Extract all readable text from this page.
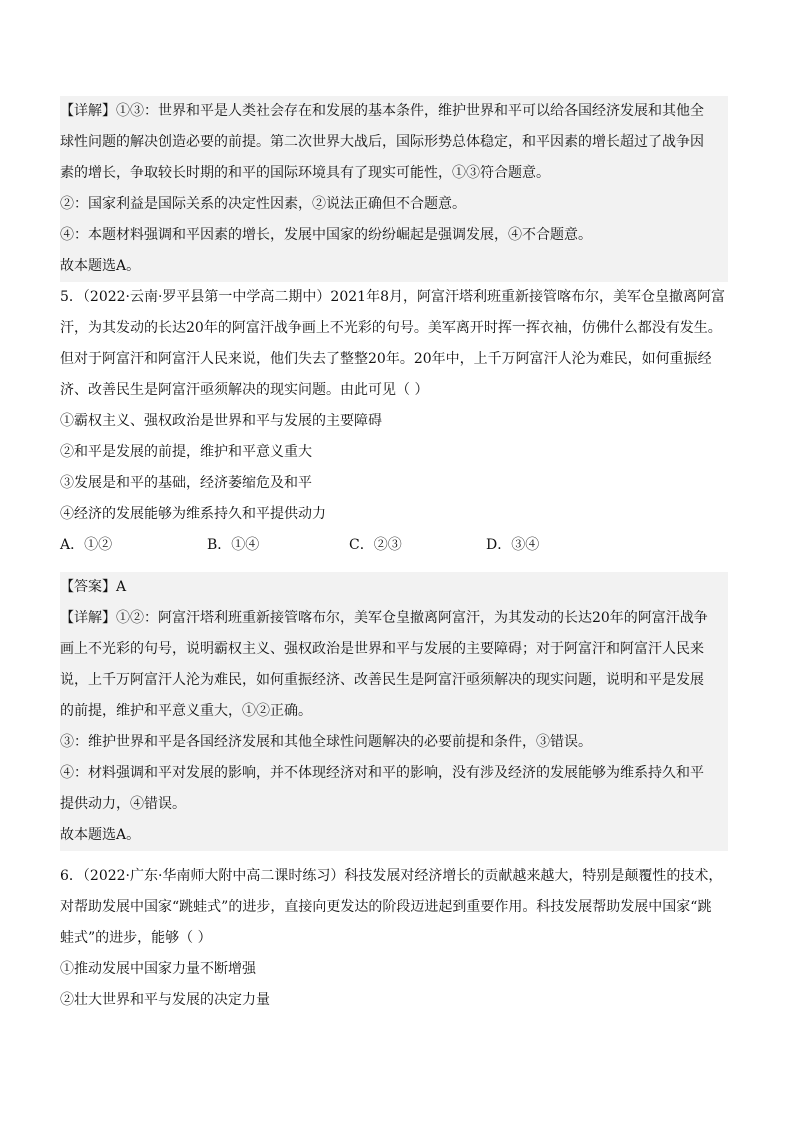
【详解】①③：世界和平是人类社会存在和发展的基本条件，维护世界和平可以给各国经济发展和其他全
球性问题的解决创造必要的前提。第二次世界大战后，国际形势总体稳定，和平因素的增长超过了战争因
素的增长，争取较长时期的和平的国际环境具有了现实可能性，①③符合题意。
②：国家利益是国际关系的决定性因素，②说法正确但不合题意。
④：本题材料强调和平因素的增长，发展中国家的纷纷崛起是强调发展，④不合题意。
故本题选A。
5．（2022·云南·罗平县第一中学高二期中）2021年8月，阿富汗塔利班重新接管喀布尔，美军仓皇撤离阿富
汗，为其发动的长达20年的阿富汗战争画上不光彩的句号。美军离开时挥一挥衣袖，仿佛什么都没有发生。
但对于阿富汗和阿富汗人民来说，他们失去了整整20年。20年中，上千万阿富汗人沦为难民，如何重振经
济、改善民生是阿富汗亟须解决的现实问题。由此可见（ ）
①霸权主义、强权政治是世界和平与发展的主要障碍
②和平是发展的前提，维护和平意义重大
③发展是和平的基础，经济萎缩危及和平
④经济的发展能够为维系持久和平提供动力
A．①②	B．①④	C．②③	D．③④
【答案】A
【详解】①②：阿富汗塔利班重新接管喀布尔，美军仓皇撤离阿富汗，为其发动的长达20年的阿富汗战争
画上不光彩的句号，说明霸权主义、强权政治是世界和平与发展的主要障碍；对于阿富汗和阿富汗人民来
说，上千万阿富汗人沦为难民，如何重振经济、改善民生是阿富汗亟须解决的现实问题，说明和平是发展
的前提，维护和平意义重大，①②正确。
③：维护世界和平是各国经济发展和其他全球性问题解决的必要前提和条件，③错误。
④：材料强调和平对发展的影响，并不体现经济对和平的影响，没有涉及经济的发展能够为维系持久和平
提供动力，④错误。
故本题选A。
6．（2022·广东·华南师大附中高二课时练习）科技发展对经济增长的贡献越来越大，特别是颠覆性的技术，
对帮助发展中国家“跳蛙式”的进步，直接向更发达的阶段迈进起到重要作用。科技发展帮助发展中国家“跳
蛙式”的进步，能够（ ）
①推动发展中国家力量不断增强
②壮大世界和平与发展的决定力量
